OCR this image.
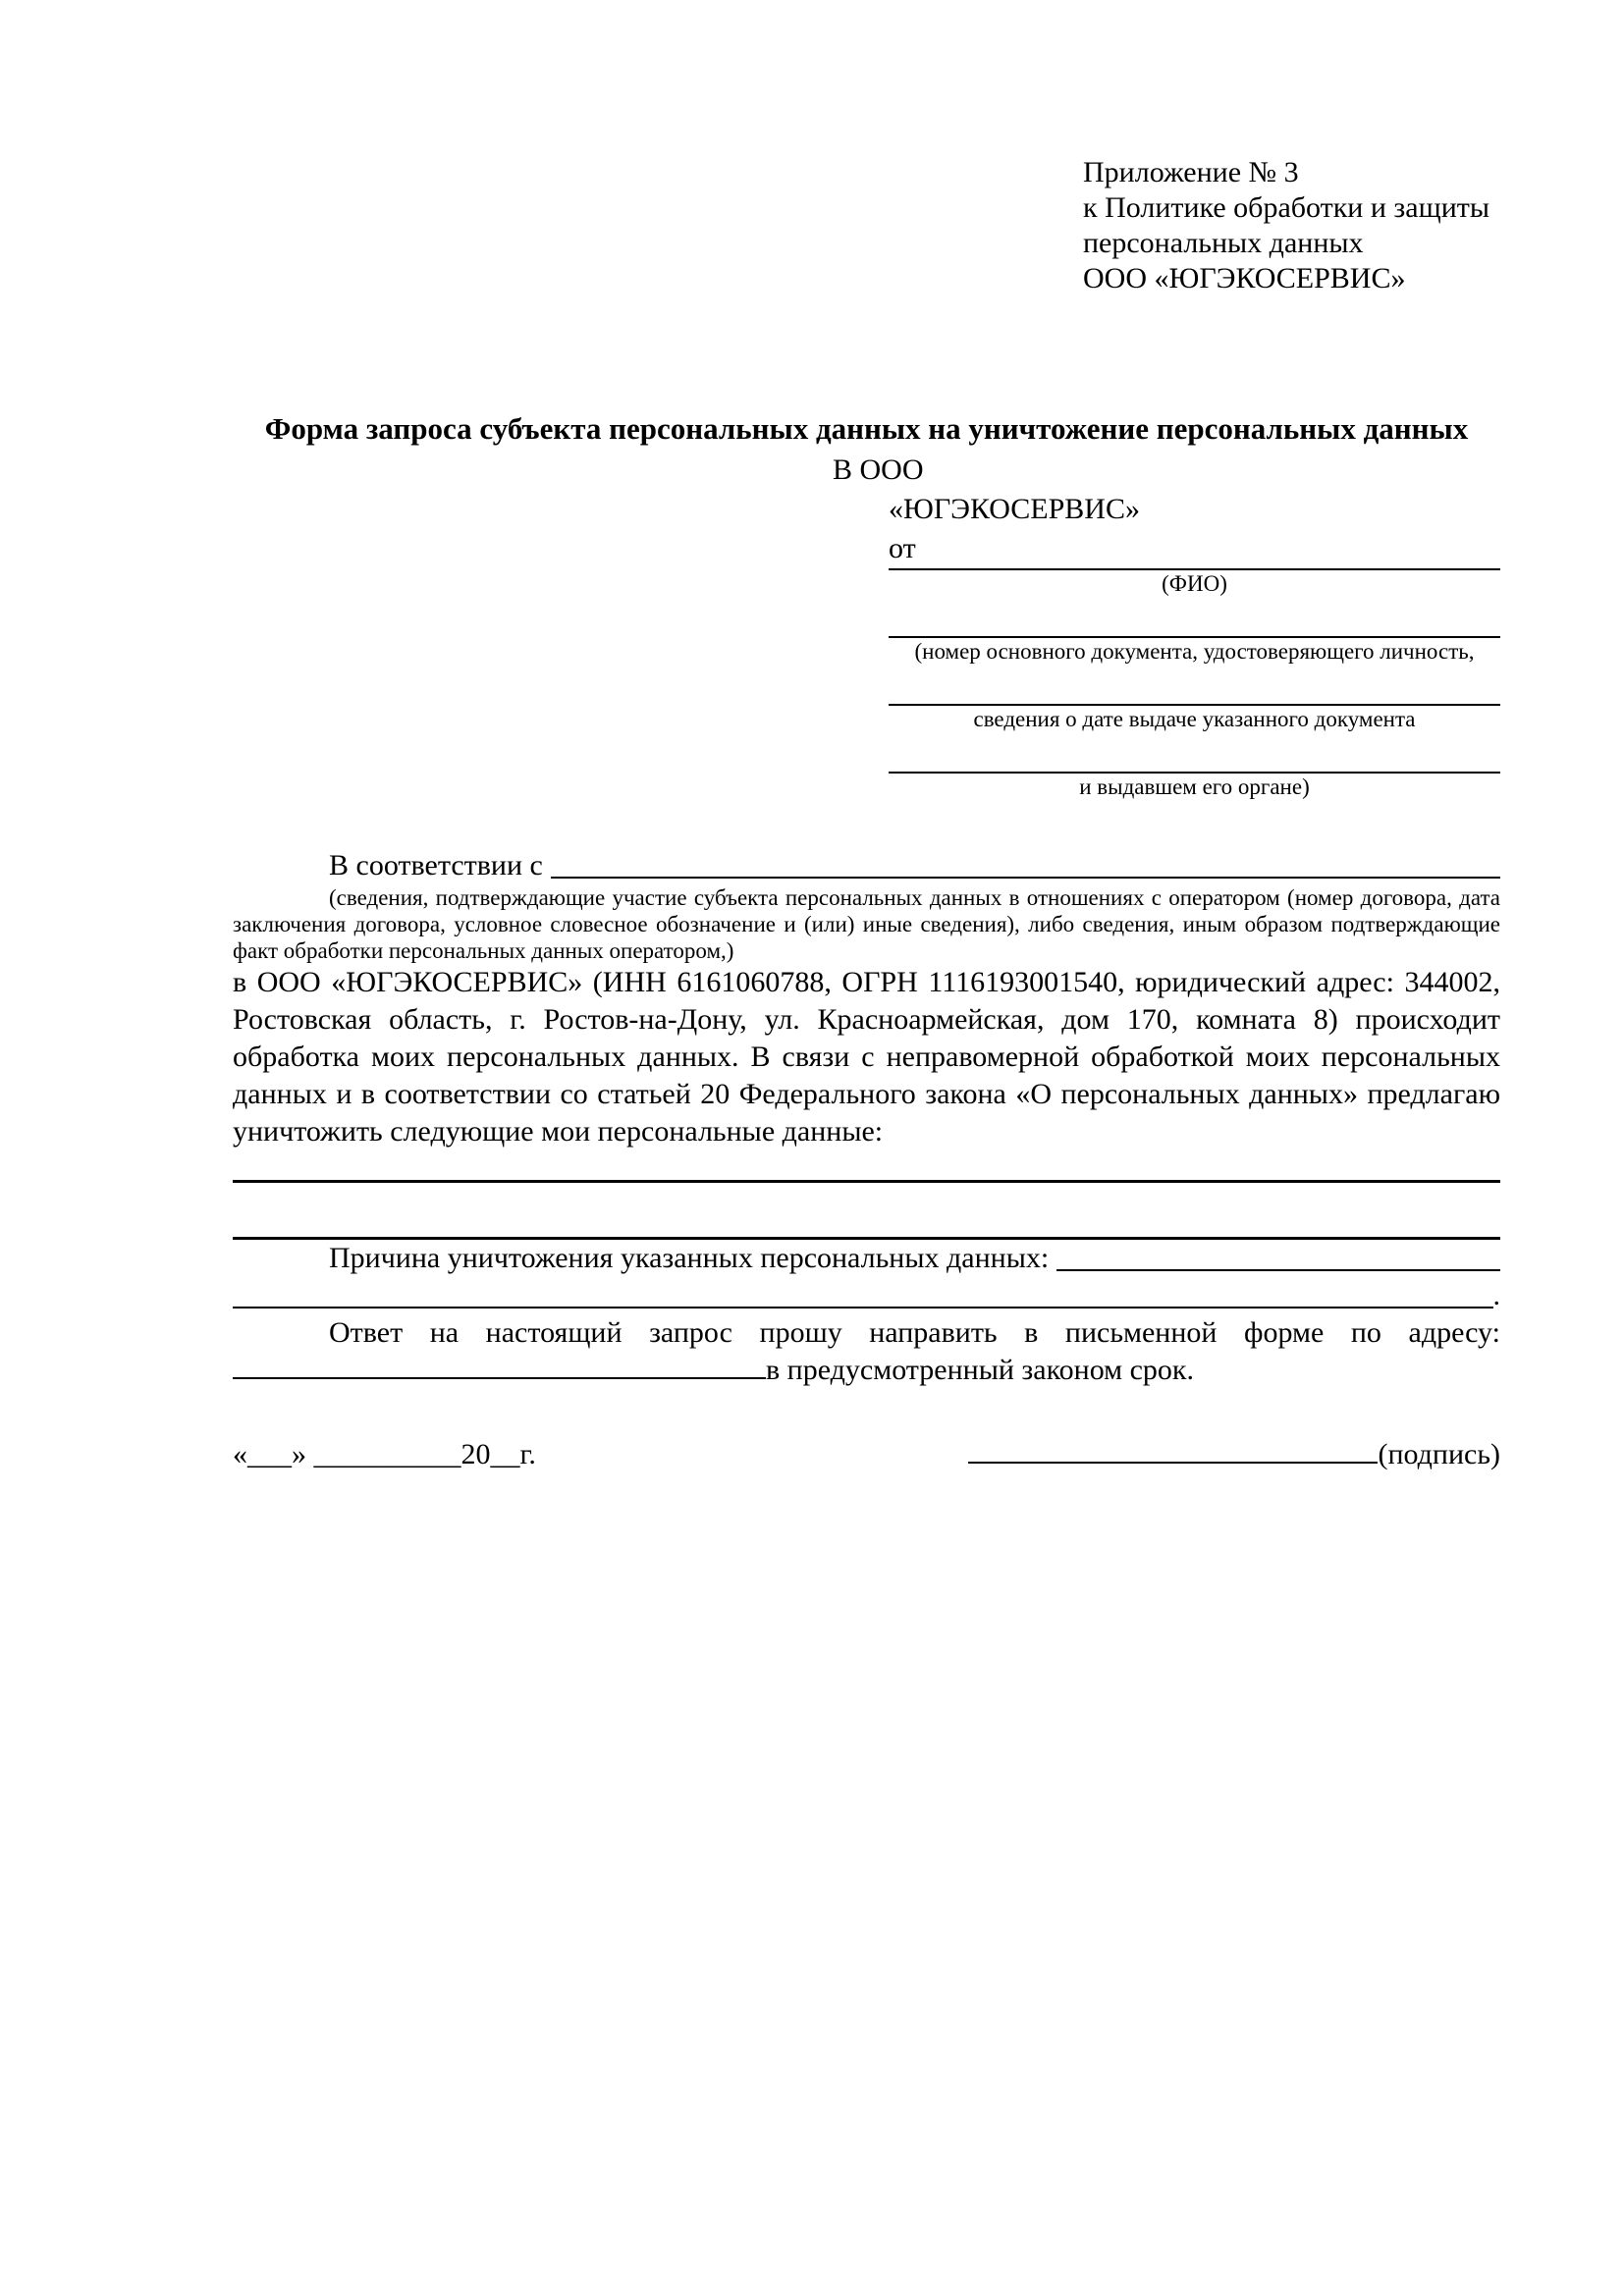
Приложение № 3
к Политике обработки и защиты
персональных данных
ООО «ЮГЭКОСЕРВИС»
Форма запроса субъекта персональных данных на уничтожение персональных данных
В ООО
«ЮГЭКОСЕРВИС»
от
(ФИО)
(номер основного документа, удостоверяющего личность,
сведения о дате выдаче указанного документа
и выдавшем его органе)
В соответствии с

(сведения, подтверждающие участие субъекта персональных данных в отношениях с оператором (номер договора, дата заключения договора, условное словесное обозначение и (или) иные сведения), либо сведения, иным образом подтверждающие факт обработки персональных данных оператором,)

в ООО «ЮГЭКОСЕРВИС» (ИНН 6161060788, ОГРН 1116193001540, юридический адрес: 344002, Ростовская область, г. Ростов-на-Дону, ул. Красноармейская, дом 170, комната 8) происходит обработка моих персональных данных. В связи с неправомерной обработкой моих персональных данных и в соответствии со статьей 20 Федерального закона «О персональных данных» предлагаю уничтожить следующие мои персональные данные:

Причина уничтожения указанных персональных данных:
.

Ответ на настоящий запрос прошу направить в письменной форме по адресу: в предусмотренный законом срок.

«___» __________20__г.	(подпись)
